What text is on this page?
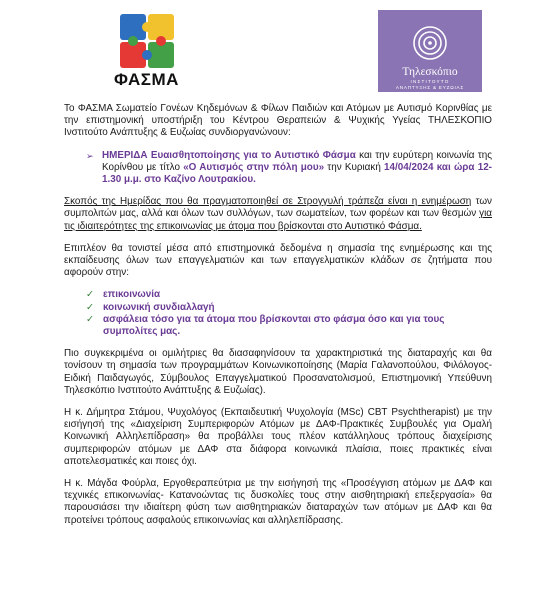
ΦΑΣΜΑ	Τηλεσκόπιο
ΙΝΣΤΙΤΟΥΤΟ
ΑΝΑΠΤΥΞΗΣ & ΕΥΖΩΙΑΣ

Το ΦΑΣΜΑ Σωματείο Γονέων Κηδεμόνων & Φίλων Παιδιών και Ατόμων με Αυτισμό Κορινθίας με την επιστημονική υποστήριξη του Κέντρου Θεραπειών & Ψυχικής Υγείας ΤΗΛΕΣΚΟΠΙΟ Ινστιτούτο Ανάπτυξης & Ευζωίας συνδιοργανώνουν:

➢ ΗΜΕΡΙΔΑ Ευαισθητοποίησης για το Αυτιστικό Φάσμα και την ευρύτερη κοινωνία της Κορίνθου με τίτλο «Ο Αυτισμός στην πόλη μου» την Κυριακή 14/04/2024 και ώρα 12-1.30 μ.μ. στο Καζίνο Λουτρακίου.

Σκοπός της Ημερίδας που θα πραγματοποιηθεί σε Στρογγυλή τράπεζα είναι η ενημέρωση των συμπολιτών μας, αλλά και όλων των συλλόγων, των σωματείων, των φορέων και των θεσμών για τις ιδιαιτερότητες της επικοινωνίας με άτομα που βρίσκονται στο Αυτιστικό Φάσμα.

Επιπλέον θα τονιστεί μέσα από επιστημονικά δεδομένα η σημασία της ενημέρωσης και της εκπαίδευσης όλων των επαγγελματιών και των επαγγελματικών κλάδων σε ζητήματα που αφορούν στην:

✓ επικοινωνία
✓ κοινωνική συνδιαλλαγή
✓ ασφάλεια τόσο για τα άτομα που βρίσκονται στο φάσμα όσο και για τους συμπολίτες μας.

Πιο συγκεκριμένα οι ομιλήτριες θα διασαφηνίσουν τα χαρακτηριστικά της διαταραχής και θα τονίσουν τη σημασία των προγραμμάτων Κοινωνικοποίησης (Μαρία Γαλανοπούλου, Φιλόλογος-Ειδική Παιδαγωγός, Σύμβουλος Επαγγελματικού Προσανατολισμού, Επιστημονική Υπεύθυνη Τηλεσκόπιο Ινστιτούτο Ανάπτυξης & Ευζωίας).

Η κ. Δήμητρα Στάμου, Ψυχολόγος (Εκπαιδευτική Ψυχολογία (MSc) CBT Psychtherapist) με την εισήγησή της «Διαχείριση Συμπεριφορών Ατόμων με ΔΑΦ-Πρακτικές Συμβουλές για Ομαλή Κοινωνική Αλληλεπίδραση» θα προβάλλει τους πλέον κατάλληλους τρόπους διαχείρισης συμπεριφορών ατόμων με ΔΑΦ στα διάφορα κοινωνικά πλαίσια, ποιες πρακτικές είναι αποτελεσματικές και ποιες όχι.

Η κ. Μάγδα Φούρλα, Εργοθεραπεύτρια με την εισήγησή της «Προσέγγιση ατόμων με ΔΑΦ και τεχνικές επικοινωνίας- Κατανοώντας τις δυσκολίες τους στην αισθητηριακή επεξεργασία» θα παρουσιάσει την ιδιαίτερη φύση των αισθητηριακών διαταραχών των ατόμων με ΔΑΦ και θα προτείνει τρόπους ασφαλούς επικοινωνίας και αλληλεπίδρασης.
